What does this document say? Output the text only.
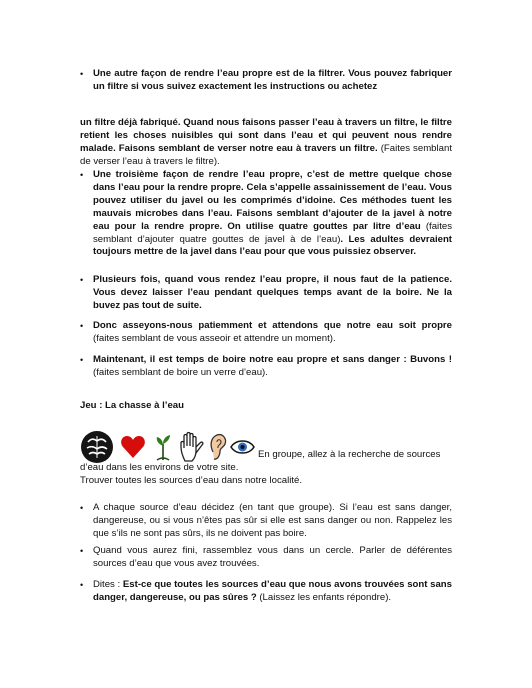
• Une autre façon de rendre l’eau propre est de la filtrer. Vous pouvez fabriquer un filtre si vous suivez exactement les instructions ou achetez

un filtre déjà fabriqué. Quand nous faisons passer l’eau à travers un filtre, le filtre retient les choses nuisibles qui sont dans l’eau et qui peuvent nous rendre malade. Faisons semblant de verser notre eau à travers un filtre. (Faites semblant de verser l’eau à travers le filtre).

• Une troisième façon de rendre l’eau propre, c’est de mettre quelque chose dans l’eau pour la rendre propre. Cela s’appelle assainissement de l’eau. Vous pouvez utiliser du javel ou les comprimés d’idoine. Ces méthodes tuent les mauvais microbes dans l’eau. Faisons semblant d’ajouter de la javel à notre eau pour la rendre propre. On utilise quatre gouttes par litre d’eau (faites semblant d’ajouter quatre gouttes de javel à de l’eau). Les adultes devraient toujours mettre de la javel dans l’eau pour que vous puissiez observer.

• Plusieurs fois, quand vous rendez l’eau propre, il nous faut de la patience. Vous devez laisser l’eau pendant quelques temps avant de la boire. Ne la buvez pas tout de suite.

• Donc asseyons-nous patiemment et attendons que notre eau soit propre (faites semblant de vous asseoir et attendre un moment).

• Maintenant, il est temps de boire notre eau propre et sans danger : Buvons ! (faites semblant de boire un verre d’eau).

Jeu : La chasse à l’eau

En groupe, allez à la recherche de sources

d’eau dans les environs de votre site.

Trouver toutes les sources d’eau dans notre localité.

• A chaque source d’eau décidez (en tant que groupe). Si l’eau est sans danger, dangereuse, ou si vous n’êtes pas sûr si elle est sans danger ou non. Rappelez les que s’ils ne sont pas sûrs, ils ne doivent pas boire.

• Quand vous aurez fini, rassemblez vous dans un cercle. Parler de déférentes sources d’eau que vous avez trouvées.

• Dites : Est-ce que toutes les sources d’eau que nous avons trouvées sont sans danger, dangereuse, ou pas sûres ? (Laissez les enfants répondre).
